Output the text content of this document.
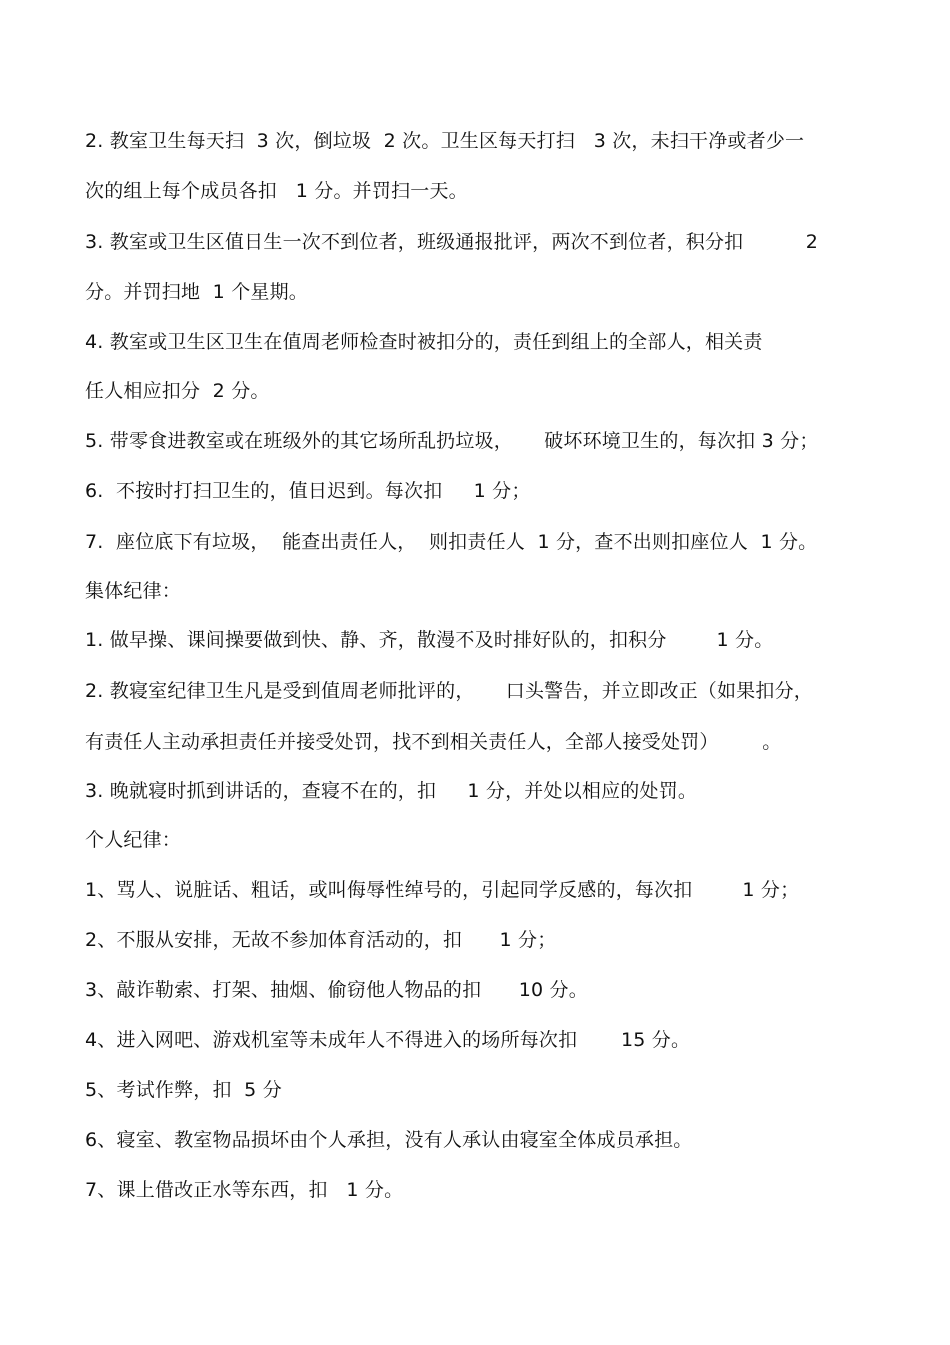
2. 教室卫生每天扫  3 次，倒垃圾  2 次。卫生区每天打扫   3 次，未扫干净或者少一
次的组上每个成员各扣   1 分。并罚扫一天。
3. 教室或卫生区值日生一次不到位者，班级通报批评，两次不到位者，积分扣          2
分。并罚扫地  1 个星期。
4. 教室或卫生区卫生在值周老师检查时被扣分的，责任到组上的全部人，相关责
任人相应扣分  2 分。
5. 带零食进教室或在班级外的其它场所乱扔垃圾，     破坏环境卫生的，每次扣 3 分；
6.  不按时打扫卫生的，值日迟到。每次扣     1 分；
7.  座位底下有垃圾，  能查出责任人，  则扣责任人  1 分，查不出则扣座位人  1 分。
集体纪律：
1. 做早操、课间操要做到快、静、齐，散漫不及时排好队的，扣积分        1 分。
2. 教寝室纪律卫生凡是受到值周老师批评的，     口头警告，并立即改正（如果扣分，
有责任人主动承担责任并接受处罚，找不到相关责任人，全部人接受处罚）       。
3. 晚就寝时抓到讲话的，查寝不在的，扣     1 分，并处以相应的处罚。
个人纪律：
1、骂人、说脏话、粗话，或叫侮辱性绰号的，引起同学反感的，每次扣        1 分；
2、不服从安排，无故不参加体育活动的，扣      1 分；
3、敲诈勒索、打架、抽烟、偷窃他人物品的扣      10 分。
4、进入网吧、游戏机室等未成年人不得进入的场所每次扣       15 分。
5、考试作弊，扣  5 分
6、寝室、教室物品损坏由个人承担，没有人承认由寝室全体成员承担。
7、课上借改正水等东西，扣   1 分。
